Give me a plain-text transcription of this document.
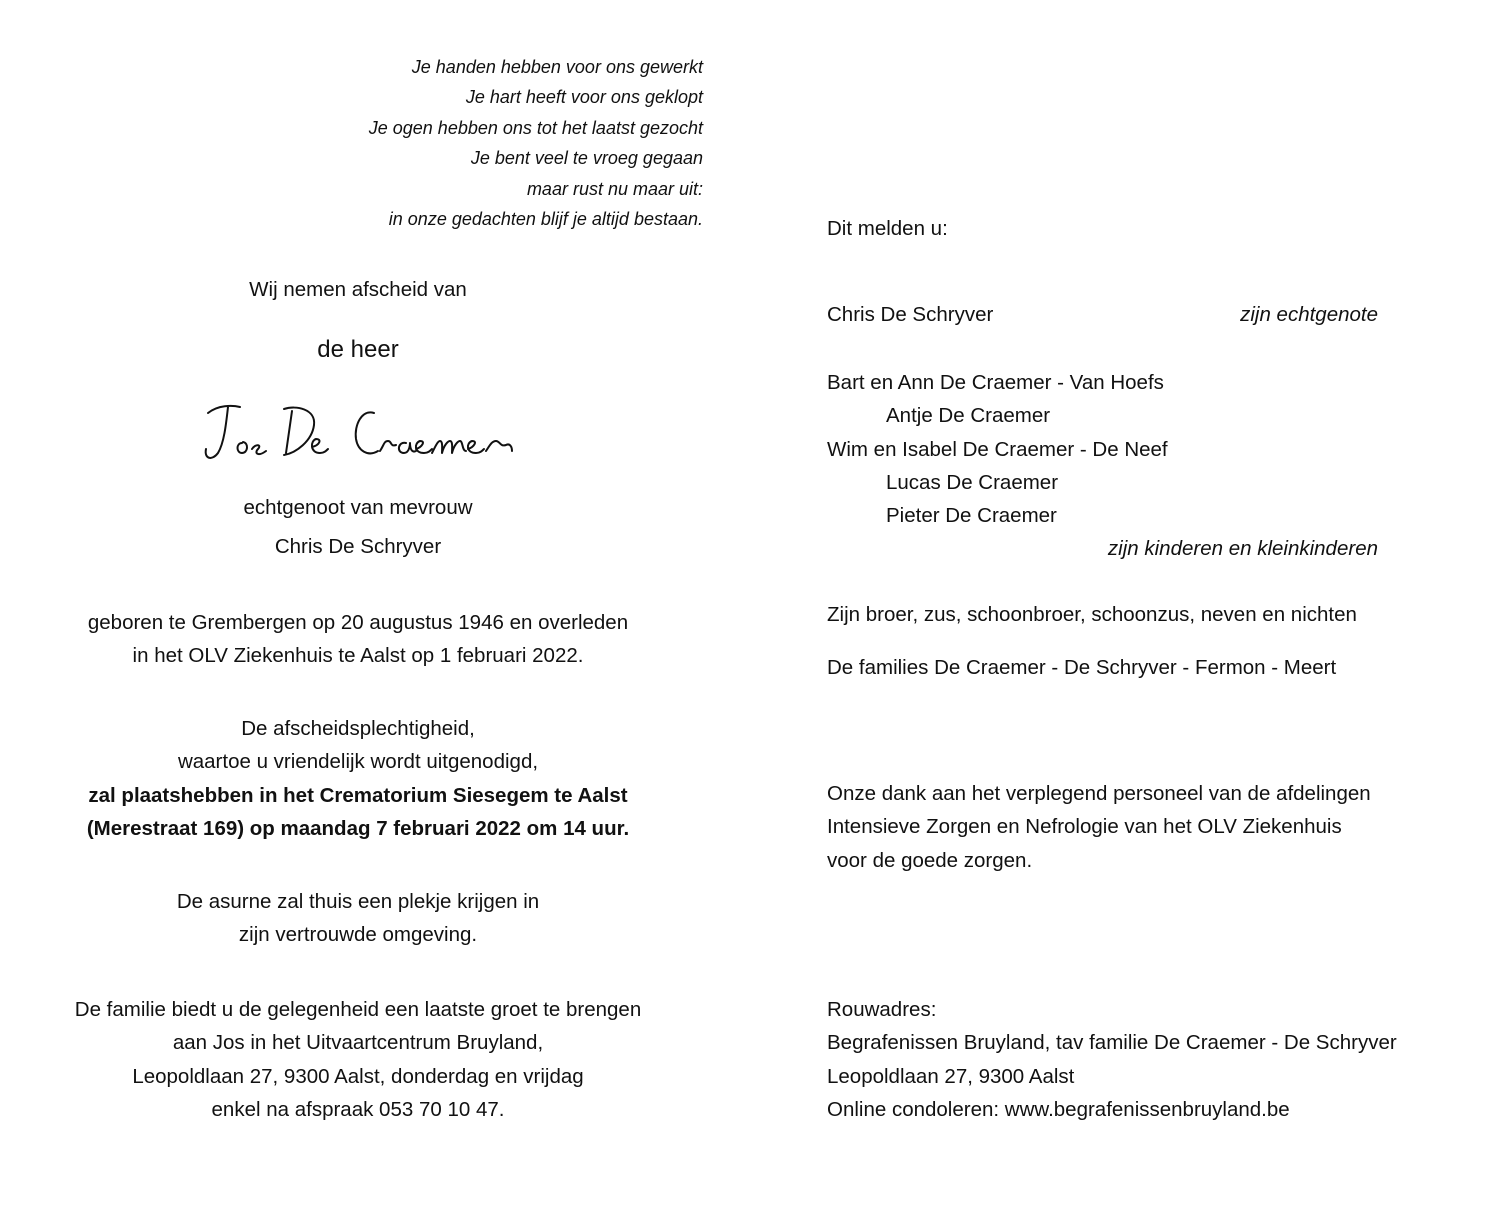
Je handen hebben voor ons gewerkt
Je hart heeft voor ons geklopt
Je ogen hebben ons tot het laatst gezocht
Je bent veel te vroeg gegaan
maar rust nu maar uit:
in onze gedachten blijf je altijd bestaan.
Wij nemen afscheid van
de heer
echtgenoot van mevrouw
Chris De Schryver
geboren te Grembergen op 20 augustus 1946 en overleden
in het OLV Ziekenhuis te Aalst op 1 februari 2022.
De afscheidsplechtigheid,
waartoe u vriendelijk wordt uitgenodigd,
zal plaatshebben in het Crematorium Siesegem te Aalst
(Merestraat 169) op maandag 7 februari 2022 om 14 uur.
De asurne zal thuis een plekje krijgen in
zijn vertrouwde omgeving.
De familie biedt u de gelegenheid een laatste groet te brengen
aan Jos in het Uitvaartcentrum Bruyland,
Leopoldlaan 27, 9300 Aalst, donderdag en vrijdag
enkel na afspraak 053 70 10 47.
Dit melden u:
Chris De Schryver	zijn echtgenote
Bart en Ann De Craemer - Van Hoefs
Antje De Craemer
Wim en Isabel De Craemer - De Neef
Lucas De Craemer
Pieter De Craemer
zijn kinderen en kleinkinderen
Zijn broer, zus, schoonbroer, schoonzus, neven en nichten
De families De Craemer - De Schryver - Fermon - Meert
Onze dank aan het verplegend personeel van de afdelingen
Intensieve Zorgen en Nefrologie van het OLV Ziekenhuis
voor de goede zorgen.
Rouwadres:
Begrafenissen Bruyland, tav familie De Craemer - De Schryver
Leopoldlaan 27, 9300 Aalst
Online condoleren: www.begrafenissenbruyland.be
